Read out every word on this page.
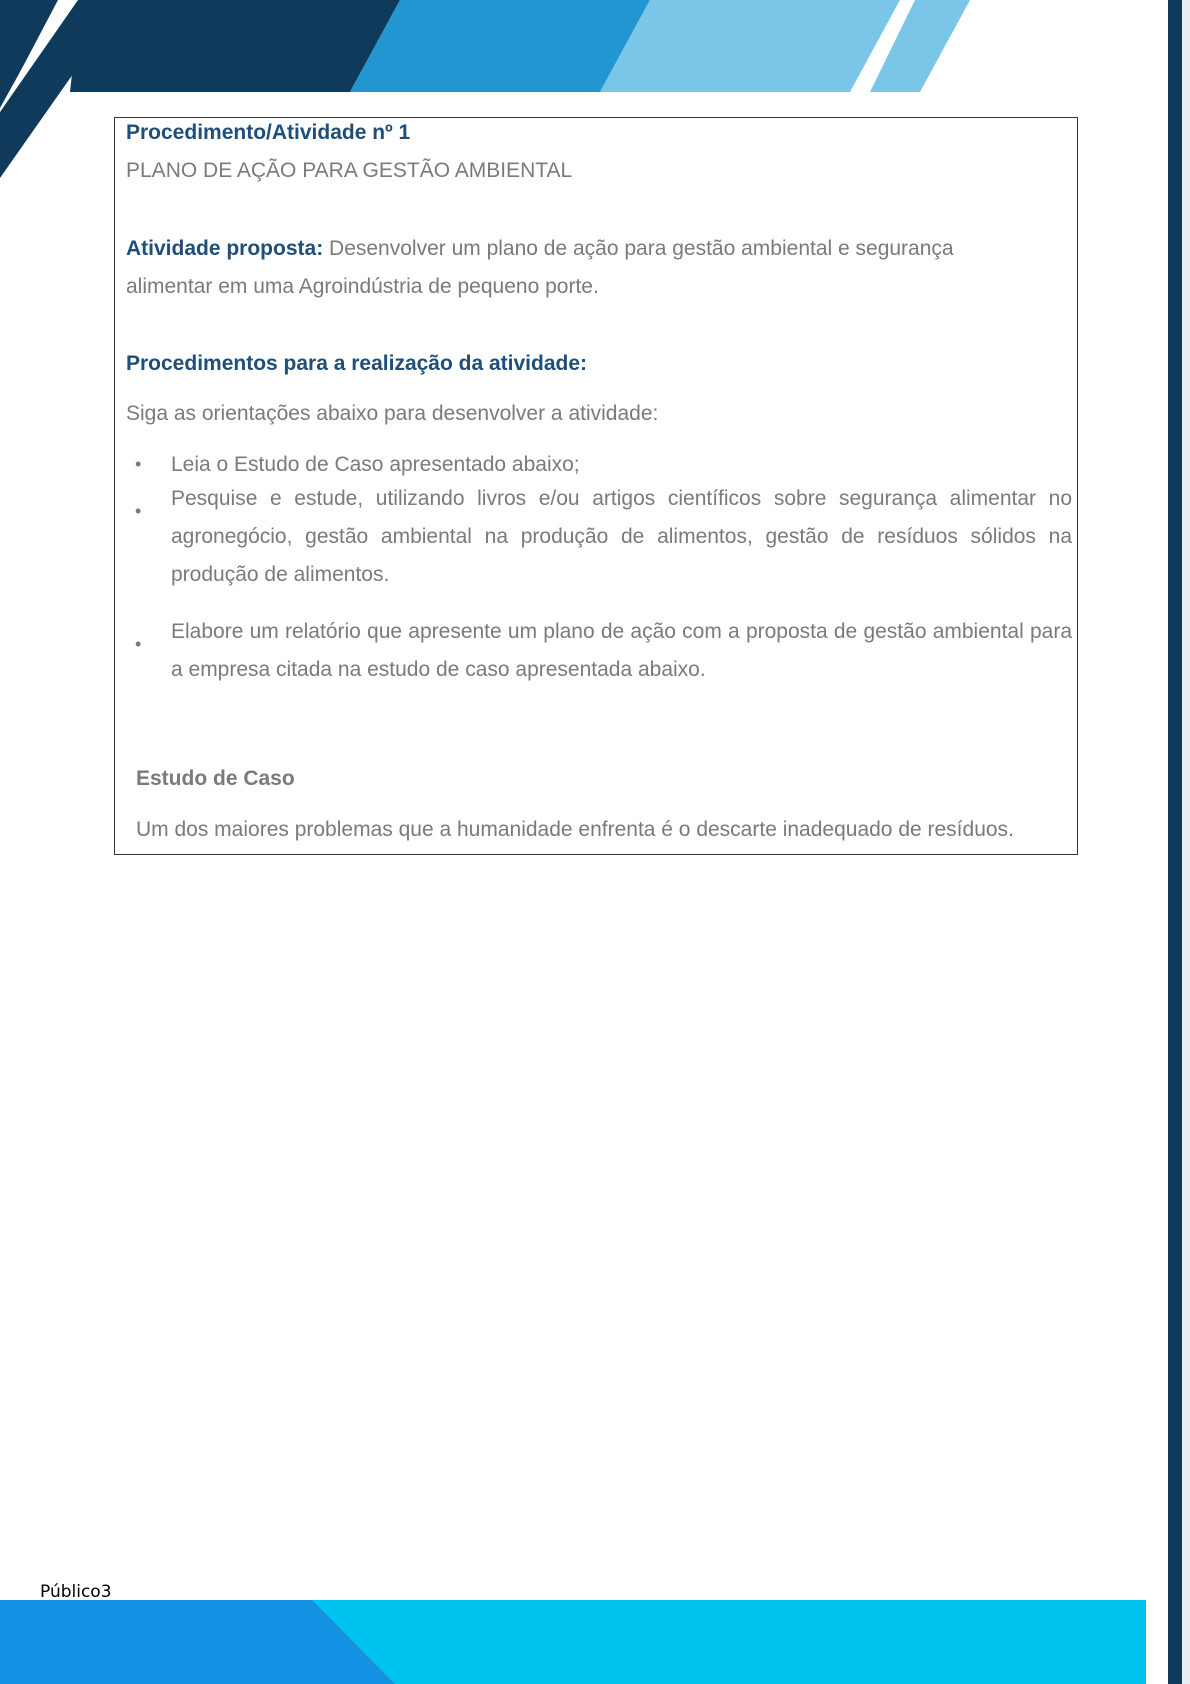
Procedimento/Atividade nº 1
PLANO DE AÇÃO PARA GESTÃO AMBIENTAL
Atividade proposta: Desenvolver um plano de ação para gestão ambiental e segurança
alimentar em uma Agroindústria de pequeno porte.
Procedimentos para a realização da atividade:
Siga as orientações abaixo para desenvolver a atividade:
• Leia o Estudo de Caso apresentado abaixo;
•
Pesquise e estude, utilizando livros e/ou artigos científicos sobre segurança alimentar no agronegócio, gestão ambiental na produção de alimentos, gestão de resíduos sólidos na produção de alimentos.
•
Elabore um relatório que apresente um plano de ação com a proposta de gestão ambiental para a empresa citada na estudo de caso apresentada abaixo.
Estudo de Caso
Um dos maiores problemas que a humanidade enfrenta é o descarte inadequado de resíduos.
Público3
